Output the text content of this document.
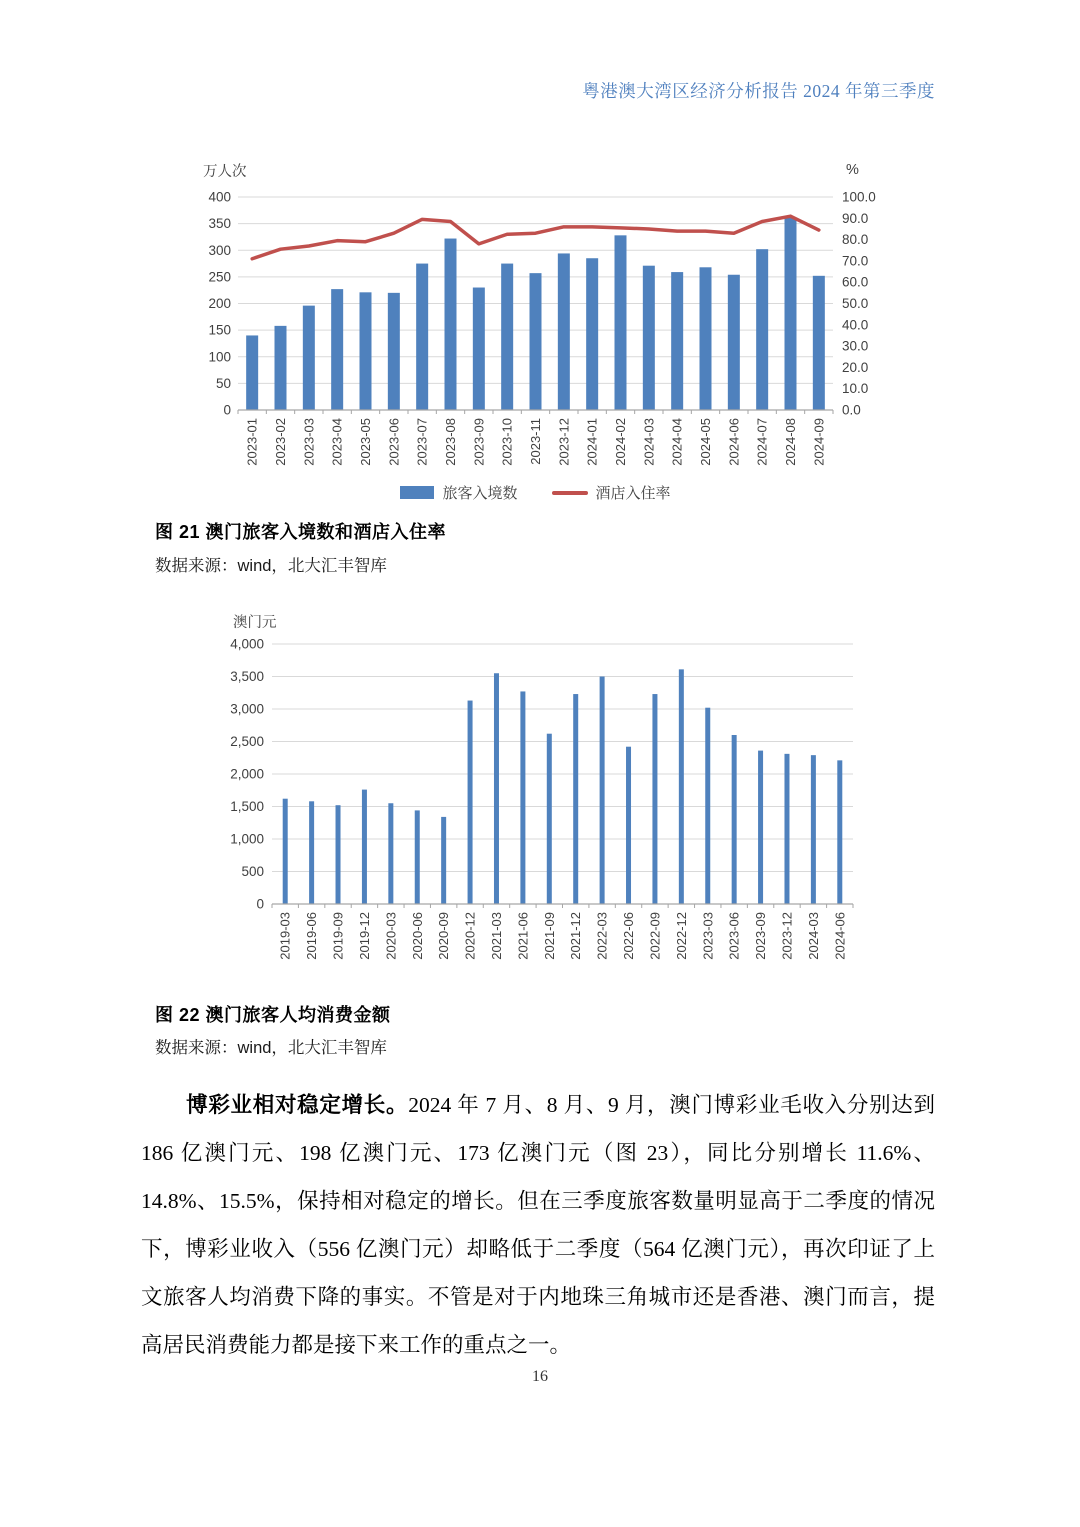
粤港澳大湾区经济分析报告 2024 年第三季度
万人次	%
0
50
100
150
200
250
300
350
400
0.0
10.0
20.0
30.0
40.0
50.0
60.0
70.0
80.0
90.0
100.0
2023-01 2023-02 2023-03 2023-04 2023-05 2023-06 2023-07 2023-08 2023-09 2023-10 2023-11 2023-12 2024-01 2024-02 2024-03 2024-04 2024-05 2024-06 2024-07 2024-08 2024-09
旅客入境数	酒店入住率
图 21 澳门旅客入境数和酒店入住率
数据来源：wind，北大汇丰智库
澳门元
0
500
1,000
1,500
2,000
2,500
3,000
3,500
4,000
2019-03 2019-06 2019-09 2019-12 2020-03 2020-06 2020-09 2020-12 2021-03 2021-06 2021-09 2021-12 2022-03 2022-06 2022-09 2022-12 2023-03 2023-06 2023-09 2023-12 2024-03 2024-06
图 22 澳门旅客人均消费金额
数据来源：wind，北大汇丰智库
博彩业相对稳定增长。2024 年 7 月、8 月、9 月，澳门博彩业毛收入分别达到 186 亿澳门元、198 亿澳门元、173 亿澳门元（图 23），同比分别增长 11.6%、14.8%、15.5%，保持相对稳定的增长。但在三季度旅客数量明显高于二季度的情况下，博彩业收入（556 亿澳门元）却略低于二季度（564 亿澳门元），再次印证了上文旅客人均消费下降的事实。不管是对于内地珠三角城市还是香港、澳门而言，提高居民消费能力都是接下来工作的重点之一。
16
